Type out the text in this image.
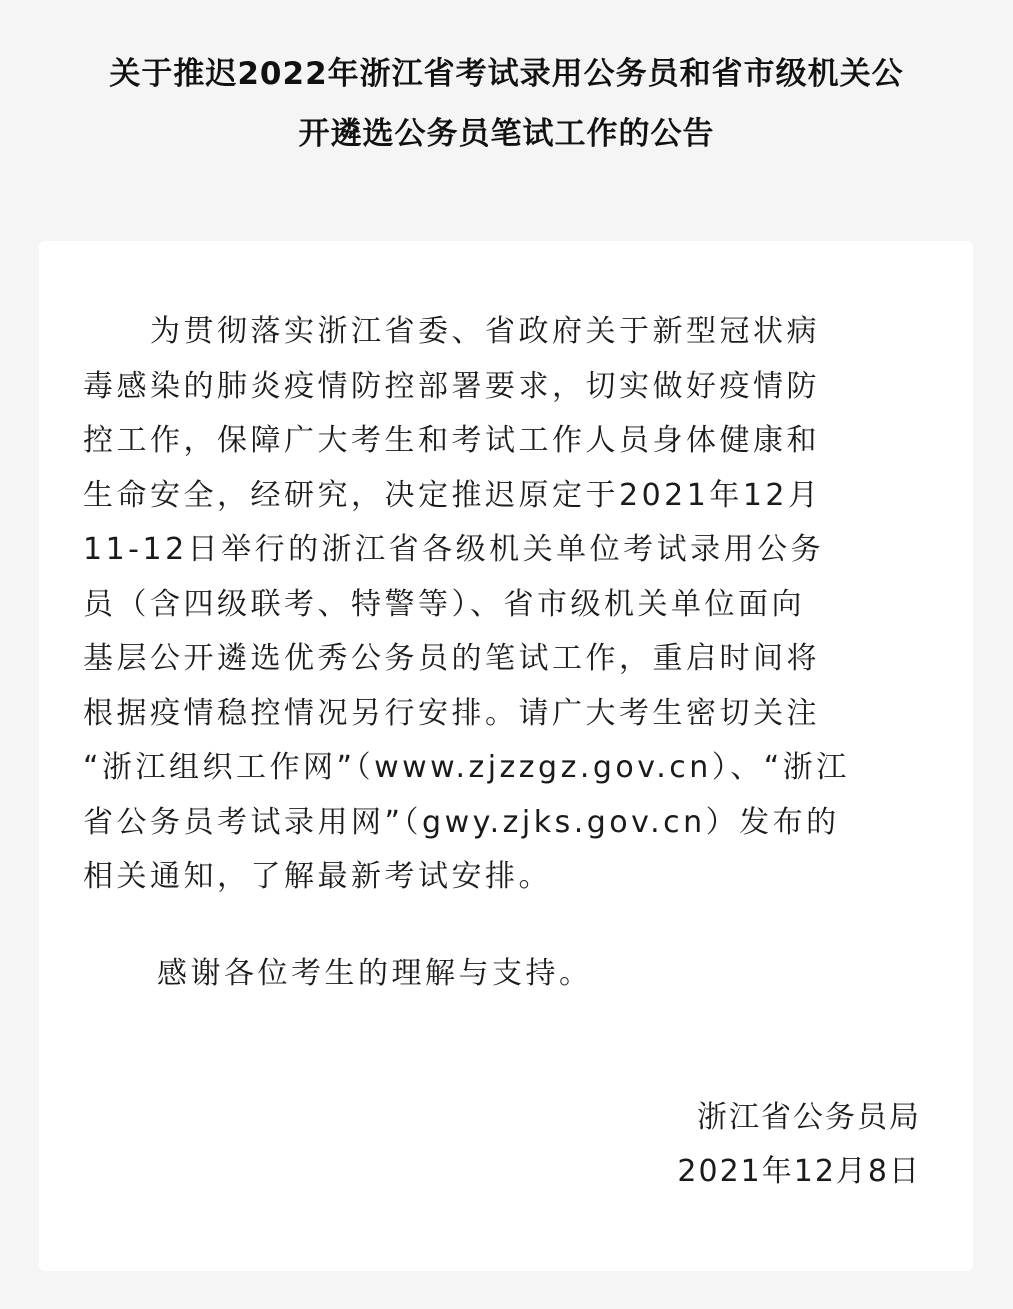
关于推迟2022年浙江省考试录用公务员和省市级机关公
开遴选公务员笔试工作的公告
　　为贯彻落实浙江省委、省政府关于新型冠状病
毒感染的肺炎疫情防控部署要求，切实做好疫情防
控工作，保障广大考生和考试工作人员身体健康和
生命安全，经研究，决定推迟原定于2021年12月
11-12日举行的浙江省各级机关单位考试录用公务
员（含四级联考、特警等）、省市级机关单位面向
基层公开遴选优秀公务员的笔试工作，重启时间将
根据疫情稳控情况另行安排。请广大考生密切关注
“浙江组织工作网”（www.zjzzgz.gov.cn）、“浙江
省公务员考试录用网”（gwy.zjks.gov.cn）发布的
相关通知，了解最新考试安排。
感谢各位考生的理解与支持。
浙江省公务员局
2021年12月8日
